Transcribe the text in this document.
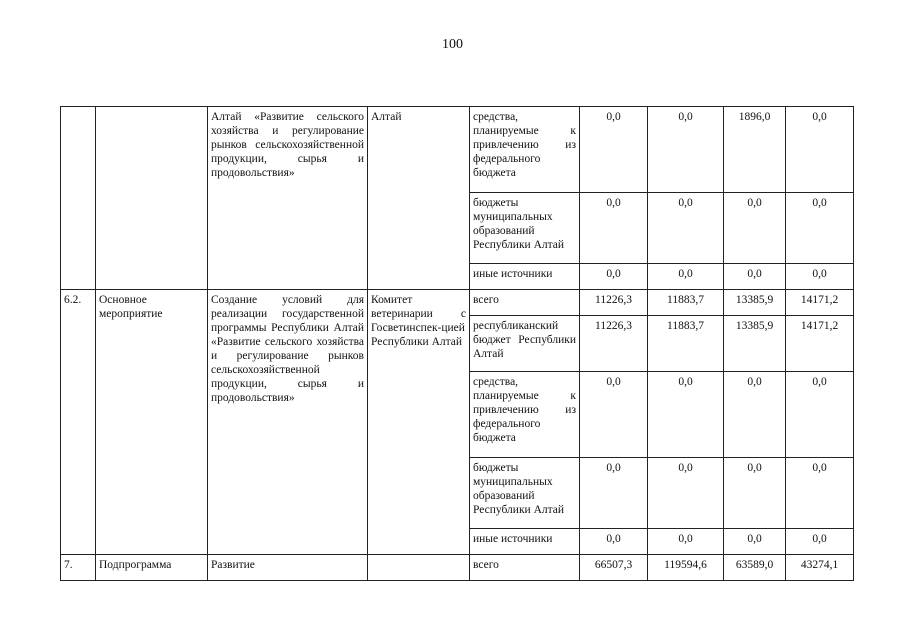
100
		Алтай «Развитие сельского хозяйства и регулирование рынков сельскохозяйственной продукции, сырья и продовольствия»	Алтай	средства, планируемые к привлечению из федерального бюджета	0,0	0,0	1896,0	0,0
				бюджеты муниципальных образований Республики Алтай	0,0	0,0	0,0	0,0
				иные источники	0,0	0,0	0,0	0,0
6.2.	Основное мероприятие	Создание условий для реализации государственной программы Республики Алтай «Развитие сельского хозяйства и регулирование рынков сельскохозяйственной продукции, сырья и продовольствия»	Комитет ветеринарии с Госветинспек-цией Республики Алтай	всего	11226,3	11883,7	13385,9	14171,2
				республиканский бюджет Республики Алтай	11226,3	11883,7	13385,9	14171,2
				средства, планируемые к привлечению из федерального бюджета	0,0	0,0	0,0	0,0
				бюджеты муниципальных образований Республики Алтай	0,0	0,0	0,0	0,0
				иные источники	0,0	0,0	0,0	0,0
7.	Подпрограмма	Развитие		всего	66507,3	119594,6	63589,0	43274,1
